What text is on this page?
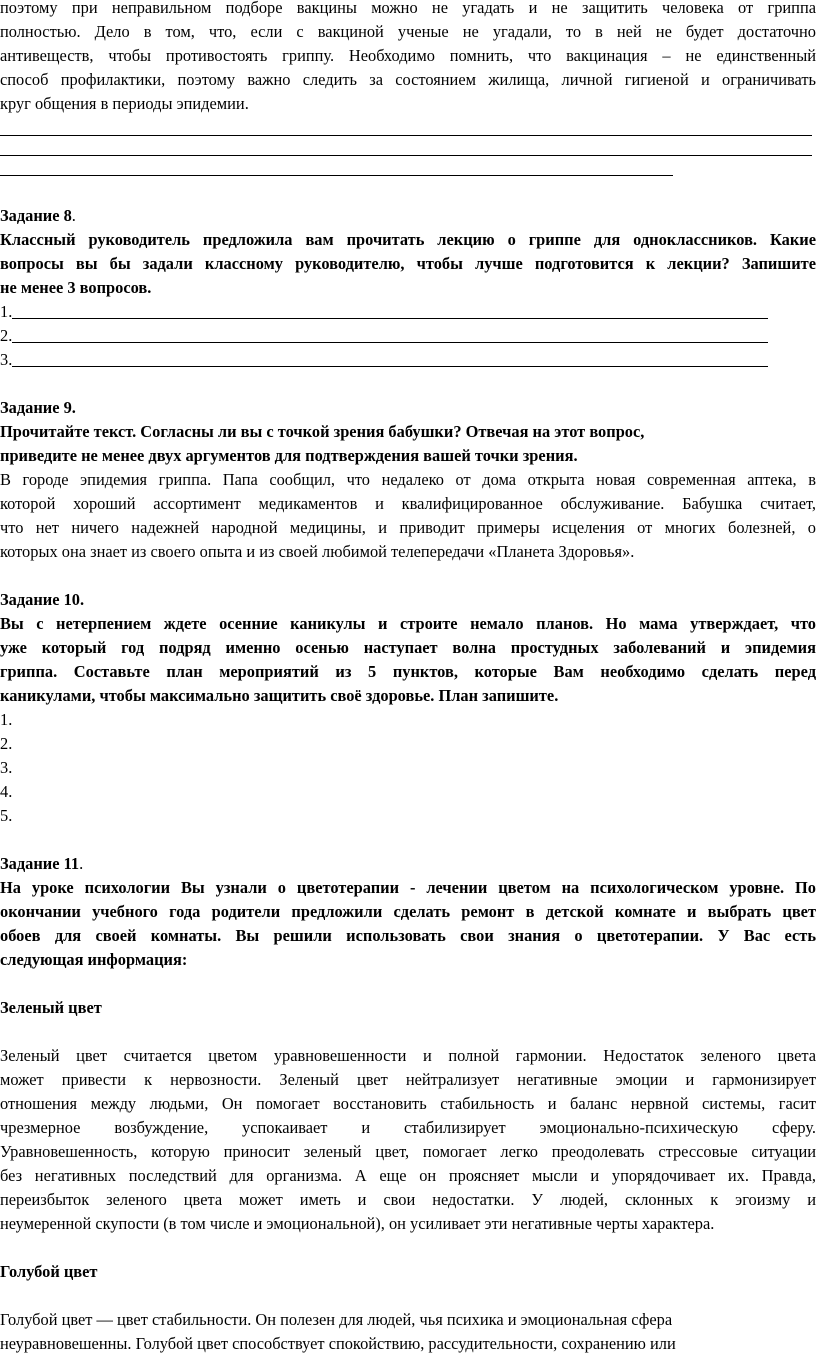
поэтому при неправильном подборе вакцины можно не угадать и не защитить человека от гриппа

полностью. Дело в том, что, если с вакциной ученые не угадали, то в ней не будет достаточно

антивеществ, чтобы противостоять гриппу. Необходимо помнить, что вакцинация – не единственный

способ профилактики, поэтому важно следить за состоянием жилища, личной гигиеной и ограничивать

круг общения в периоды эпидемии.

Задание 8.

Классный руководитель предложила вам прочитать лекцию о гриппе для одноклассников. Какие

вопросы вы бы задали классному руководителю, чтобы лучше подготовится к лекции? Запишите

не менее 3 вопросов.

1.
2.
3.

Задание 9.

Прочитайте текст. Согласны ли вы с точкой зрения бабушки? Отвечая на этот вопрос,

приведите не менее двух аргументов для подтверждения вашей точки зрения.

В городе эпидемия гриппа. Папа сообщил, что недалеко от дома открыта новая современная аптека, в

которой хороший ассортимент медикаментов и квалифицированное обслуживание. Бабушка считает,

что нет ничего надежней народной медицины, и приводит примеры исцеления от многих болезней, о

которых она знает из своего опыта и из своей любимой телепередачи «Планета Здоровья».

Задание 10.

Вы с нетерпением ждете осенние каникулы и строите немало планов. Но мама утверждает, что

уже который год подряд именно осенью наступает волна простудных заболеваний и эпидемия

гриппа. Составьте план мероприятий из 5 пунктов, которые Вам необходимо сделать перед

каникулами, чтобы максимально защитить своё здоровье. План запишите.

1.

2.

3.

4.

5.

Задание 11.

На уроке психологии Вы узнали о цветотерапии - лечении цветом на психологическом уровне. По

окончании учебного года родители предложили сделать ремонт в детской комнате и выбрать цвет

обоев для своей комнаты. Вы решили использовать свои знания о цветотерапии. У Вас есть

следующая информация:

Зеленый цвет

Зеленый цвет считается цветом уравновешенности и полной гармонии. Недостаток зеленого цвета

может привести к нервозности. Зеленый цвет нейтрализует негативные эмоции и гармонизирует

отношения между людьми, Он помогает восстановить стабильность и баланс нервной системы, гасит

чрезмерное возбуждение, успокаивает и стабилизирует эмоционально-психическую сферу.

Уравновешенность, которую приносит зеленый цвет, помогает легко преодолевать стрессовые ситуации

без негативных последствий для организма. А еще он проясняет мысли и упорядочивает их. Правда,

переизбыток зеленого цвета может иметь и свои недостатки. У людей, склонных к эгоизму и

неумеренной скупости (в том числе и эмоциональной), он усиливает эти негативные черты характера.

Голубой цвет

Голубой цвет — цвет стабильности. Он полезен для людей, чья психика и эмоциональная сфера

неуравновешенны. Голубой цвет способствует спокойствию, рассудительности, сохранению или
